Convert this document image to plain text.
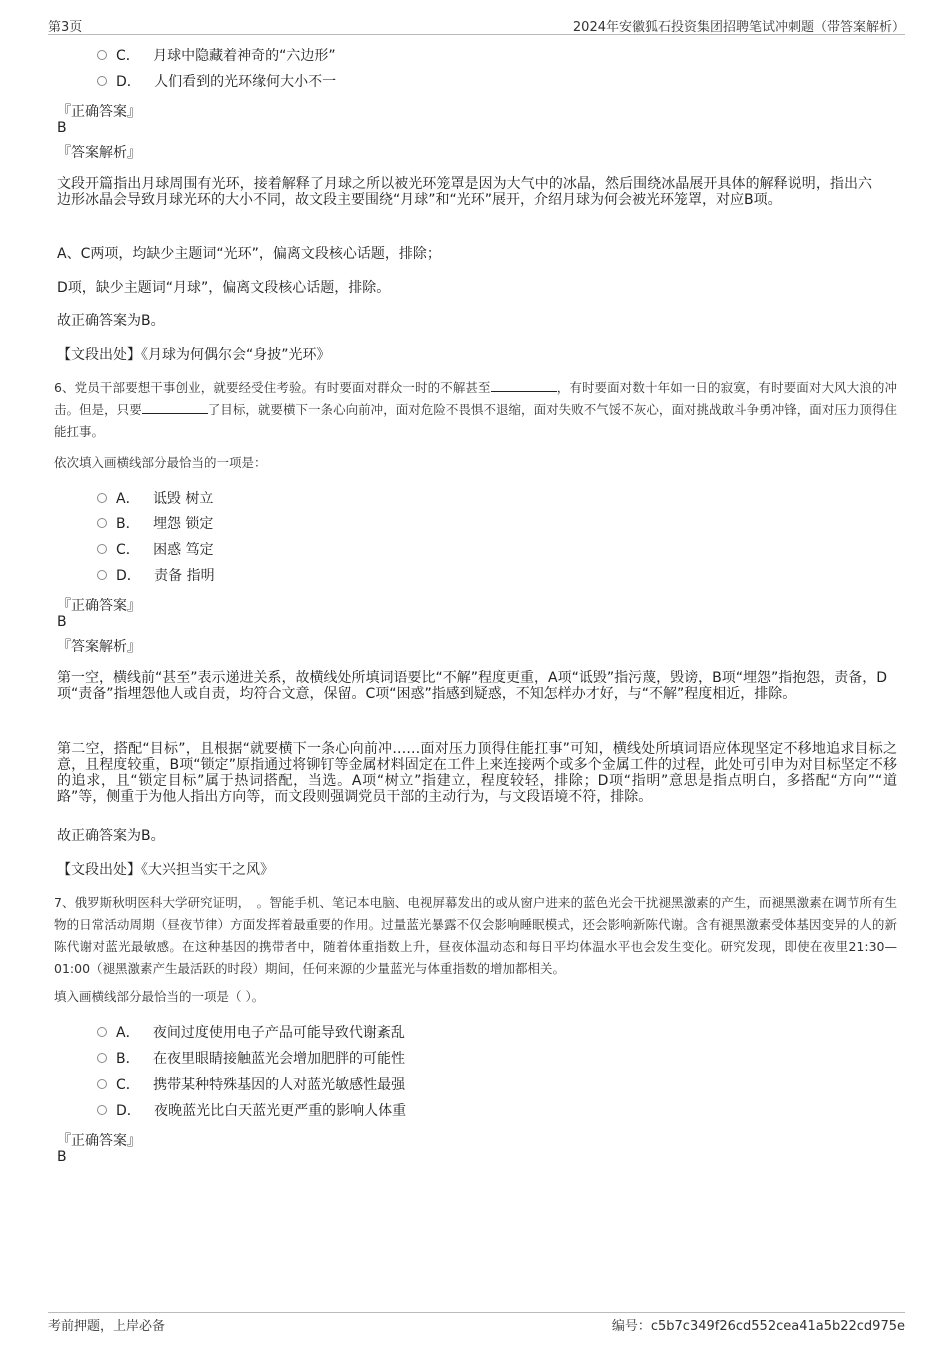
第3页	2024年安徽狐石投资集团招聘笔试冲刺题（带答案解析）
C． 月球中隐藏着神奇的“六边形”
D． 人们看到的光环缘何大小不一
『正确答案』
B
『答案解析』
文段开篇指出月球周围有光环，接着解释了月球之所以被光环笼罩是因为大气中的冰晶，然后围绕冰晶展开具体的解释说明，指出六边形冰晶会导致月球光环的大小不同，故文段主要围绕“月球”和“光环”展开，介绍月球为何会被光环笼罩，对应B项。
A、C两项，均缺少主题词“光环”，偏离文段核心话题，排除；
D项，缺少主题词“月球”，偏离文段核心话题，排除。
故正确答案为B。
【文段出处】《月球为何偶尔会“身披”光环》
6、党员干部要想干事创业，就要经受住考验。有时要面对群众一时的不解甚至	，有时要面对数十年如一日的寂寞，有时要面对大风大浪的冲击。但是，只要	了目标，就要横下一条心向前冲，面对危险不畏惧不退缩，面对失败不气馁不灰心，面对挑战敢斗争勇冲锋，面对压力顶得住能扛事。
依次填入画横线部分最恰当的一项是：
A． 诋毁 树立
B． 埋怨 锁定
C． 困惑 笃定
D． 责备 指明
『正确答案』
B
『答案解析』
第一空，横线前“甚至”表示递进关系，故横线处所填词语要比“不解”程度更重，A项“诋毁”指污蔑，毁谤，B项“埋怨”指抱怨，责备，D项“责备”指埋怨他人或自责，均符合文意，保留。C项“困惑”指感到疑惑，不知怎样办才好，与“不解”程度相近，排除。
第二空，搭配“目标”，且根据“就要横下一条心向前冲……面对压力顶得住能扛事”可知，横线处所填词语应体现坚定不移地追求目标之意，且程度较重，B项“锁定”原指通过将铆钉等金属材料固定在工件上来连接两个或多个金属工件的过程，此处可引申为对目标坚定不移的追求，且“锁定目标”属于热词搭配，当选。A项“树立”指建立，程度较轻，排除；D项“指明”意思是指点明白，多搭配“方向”“道路”等，侧重于为他人指出方向等，而文段则强调党员干部的主动行为，与文段语境不符，排除。
故正确答案为B。
【文段出处】《大兴担当实干之风》
7、俄罗斯秋明医科大学研究证明，　。智能手机、笔记本电脑、电视屏幕发出的或从窗户进来的蓝色光会干扰褪黑激素的产生，而褪黑激素在调节所有生物的日常活动周期（昼夜节律）方面发挥着最重要的作用。过量蓝光暴露不仅会影响睡眠模式，还会影响新陈代谢。含有褪黑激素受体基因变异的人的新陈代谢对蓝光最敏感。在这种基因的携带者中，随着体重指数上升，昼夜体温动态和每日平均体温水平也会发生变化。研究发现，即使在夜里21:30—01:00（褪黑激素产生最活跃的时段）期间，任何来源的少量蓝光与体重指数的增加都相关。
填入画横线部分最恰当的一项是（ ）。
A． 夜间过度使用电子产品可能导致代谢紊乱
B． 在夜里眼睛接触蓝光会增加肥胖的可能性
C． 携带某种特殊基因的人对蓝光敏感性最强
D． 夜晚蓝光比白天蓝光更严重的影响人体重
『正确答案』
B
考前押题，上岸必备	编号：c5b7c349f26cd552cea41a5b22cd975e
